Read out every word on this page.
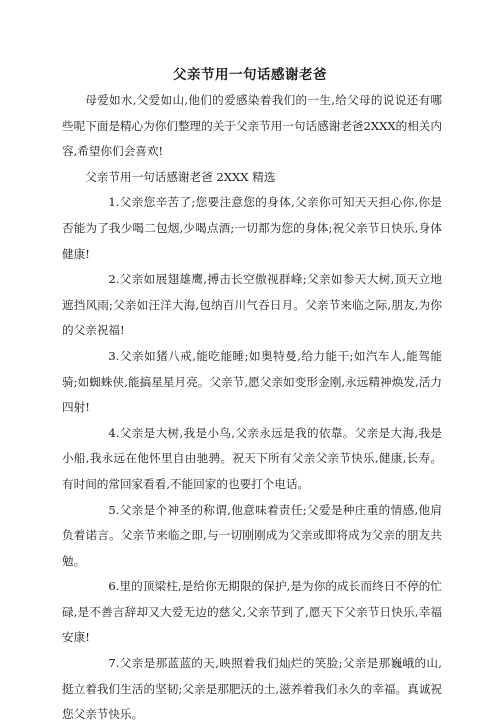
父亲节用一句话感谢老爸

母爱如水,父爱如山,他们的爱感染着我们的一生,给父母的说说还有哪些呢下面是精心为你们整理的关于父亲节用一句话感谢老爸2XXX的相关内容,希望你们会喜欢!

父亲节用一句话感谢老爸 2XXX 精选

1.父亲您辛苦了;您要注意您的身体,父亲你可知天天担心你,你是否能为了我少喝二包烟,少喝点酒;一切都为您的身体;祝父亲节日快乐,身体健康!

2.父亲如展翅雄鹰,搏击长空傲视群峰;父亲如参天大树,顶天立地遮挡风雨;父亲如汪洋大海,包纳百川气吞日月。父亲节来临之际,朋友,为你的父亲祝福!

3.父亲如猪八戒,能吃能睡;如奥特曼,给力能干;如汽车人,能驾能骑;如蜘蛛侠,能搞星星月亮。父亲节,愿父亲如变形金刚,永远精神焕发,活力四射!

4.父亲是大树,我是小鸟,父亲永远是我的依靠。父亲是大海,我是小船,我永远在他怀里自由驰骋。祝天下所有父亲父亲节快乐,健康,长寿。有时间的常回家看看,不能回家的也要打个电话。

5.父亲是个神圣的称谓,他意味着责任;父爱是种庄重的情感,他肩负着诺言。父亲节来临之即,与一切刚刚成为父亲或即将成为父亲的朋友共勉。

6.里的顶梁柱,是给你无期限的保护,是为你的成长而终日不停的忙碌,是不善言辞却又大爱无边的慈父,父亲节到了,愿天下父亲节日快乐,幸福安康!

7.父亲是那蓝蓝的天,映照着我们灿烂的笑脸;父亲是那巍峨的山,挺立着我们生活的坚韧;父亲是那肥沃的土,滋养着我们永久的幸福。真诚祝您父亲节快乐。
